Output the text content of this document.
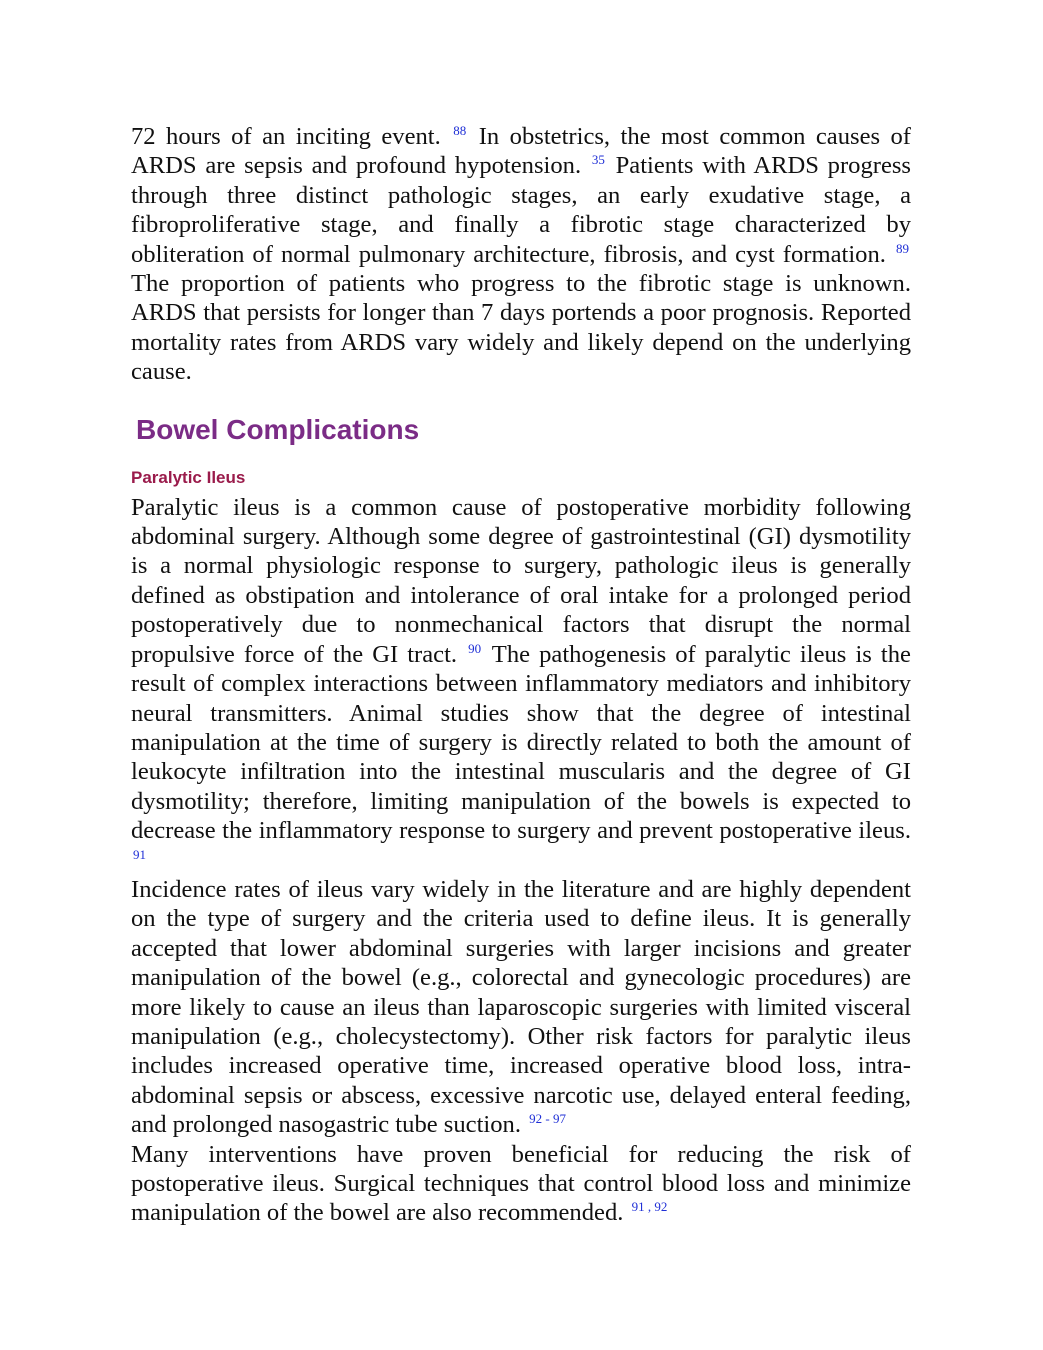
72 hours of an inciting event. $^{88}$ In obstetrics, the most common causes of ARDS are sepsis and profound hypotension. $^{35}$ Patients with ARDS progress through three distinct pathologic stages, an early exudative stage, a fibroproliferative stage, and finally a fibrotic stage characterized by obliteration of normal pulmonary architecture, fibrosis, and cyst formation. $^{89}$ The proportion of patients who progress to the fibrotic stage is unknown. ARDS that persists for longer than 7 days portends a poor prognosis. Reported mortality rates from ARDS vary widely and likely depend on the underlying cause.

Bowel Complications
Paralytic Ileus

Paralytic ileus is a common cause of postoperative morbidity following abdominal surgery. Although some degree of gastrointestinal (GI) dysmotility is a normal physiologic response to surgery, pathologic ileus is generally defined as obstipation and intolerance of oral intake for a prolonged period postoperatively due to nonmechanical factors that disrupt the normal propulsive force of the GI tract. $^{90}$ The pathogenesis of paralytic ileus is the result of complex interactions between inflammatory mediators and inhibitory neural transmitters. Animal studies show that the degree of intestinal manipulation at the time of surgery is directly related to both the amount of leukocyte infiltration into the intestinal muscularis and the degree of GI dysmotility; therefore, limiting manipulation of the bowels is expected to decrease the inflammatory response to surgery and prevent postoperative ileus. $^{91}$

Incidence rates of ileus vary widely in the literature and are highly dependent on the type of surgery and the criteria used to define ileus. It is generally accepted that lower abdominal surgeries with larger incisions and greater manipulation of the bowel (e.g., colorectal and gynecologic procedures) are more likely to cause an ileus than laparoscopic surgeries with limited visceral manipulation (e.g., cholecystectomy). Other risk factors for paralytic ileus includes increased operative time, increased operative blood loss, intra-abdominal sepsis or abscess, excessive narcotic use, delayed enteral feeding, and prolonged nasogastric tube suction. $^{92 - 97}$

Many interventions have proven beneficial for reducing the risk of postoperative ileus. Surgical techniques that control blood loss and minimize manipulation of the bowel are also recommended. $^{91 , 92}$
